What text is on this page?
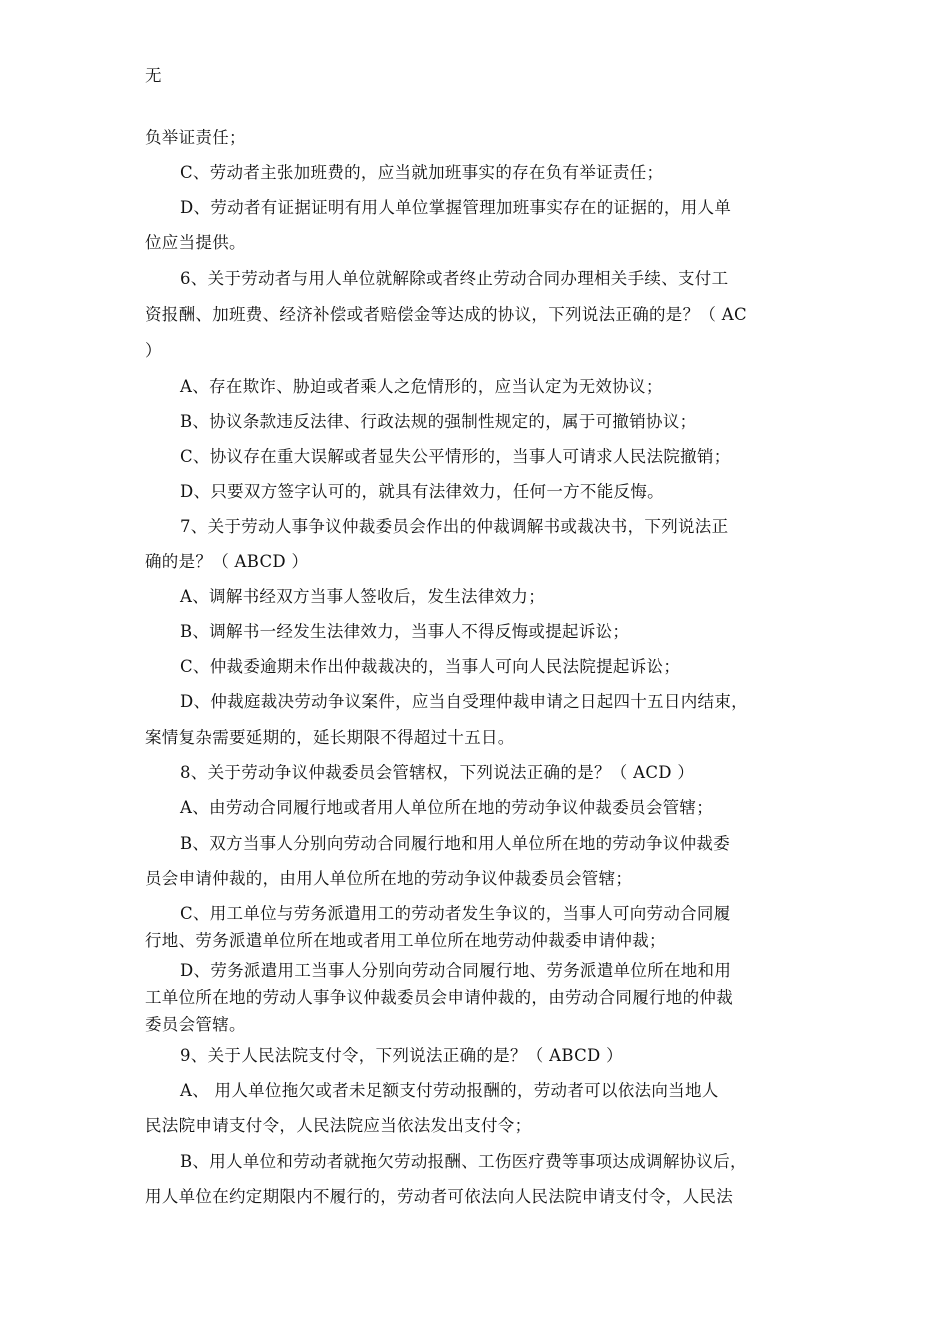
无
负举证责任；
C、劳动者主张加班费的，应当就加班事实的存在负有举证责任；
D、劳动者有证据证明有用人单位掌握管理加班事实存在的证据的，用人单
位应当提供。
6、关于劳动者与用人单位就解除或者终止劳动合同办理相关手续、支付工
资报酬、加班费、经济补偿或者赔偿金等达成的协议，下列说法正确的是？（ AC
）
A、存在欺诈、胁迫或者乘人之危情形的，应当认定为无效协议；
B、协议条款违反法律、行政法规的强制性规定的，属于可撤销协议；
C、协议存在重大误解或者显失公平情形的，当事人可请求人民法院撤销；
D、只要双方签字认可的，就具有法律效力，任何一方不能反悔。
7、关于劳动人事争议仲裁委员会作出的仲裁调解书或裁决书，下列说法正
确的是？（ ABCD ）
A、调解书经双方当事人签收后，发生法律效力；
B、调解书一经发生法律效力，当事人不得反悔或提起诉讼；
C、仲裁委逾期未作出仲裁裁决的，当事人可向人民法院提起诉讼；
D、仲裁庭裁决劳动争议案件，应当自受理仲裁申请之日起四十五日内结束，
案情复杂需要延期的，延长期限不得超过十五日。
8、关于劳动争议仲裁委员会管辖权，下列说法正确的是？（ ACD ）
A、由劳动合同履行地或者用人单位所在地的劳动争议仲裁委员会管辖；
B、双方当事人分别向劳动合同履行地和用人单位所在地的劳动争议仲裁委
员会申请仲裁的，由用人单位所在地的劳动争议仲裁委员会管辖；
C、用工单位与劳务派遣用工的劳动者发生争议的，当事人可向劳动合同履
行地、劳务派遣单位所在地或者用工单位所在地劳动仲裁委申请仲裁；
D、劳务派遣用工当事人分别向劳动合同履行地、劳务派遣单位所在地和用
工单位所在地的劳动人事争议仲裁委员会申请仲裁的，由劳动合同履行地的仲裁
委员会管辖。
9、关于人民法院支付令，下列说法正确的是？（ ABCD ）
A、 用人单位拖欠或者未足额支付劳动报酬的，劳动者可以依法向当地人
民法院申请支付令，人民法院应当依法发出支付令；
B、用人单位和劳动者就拖欠劳动报酬、工伤医疗费等事项达成调解协议后，
用人单位在约定期限内不履行的，劳动者可依法向人民法院申请支付令，人民法
